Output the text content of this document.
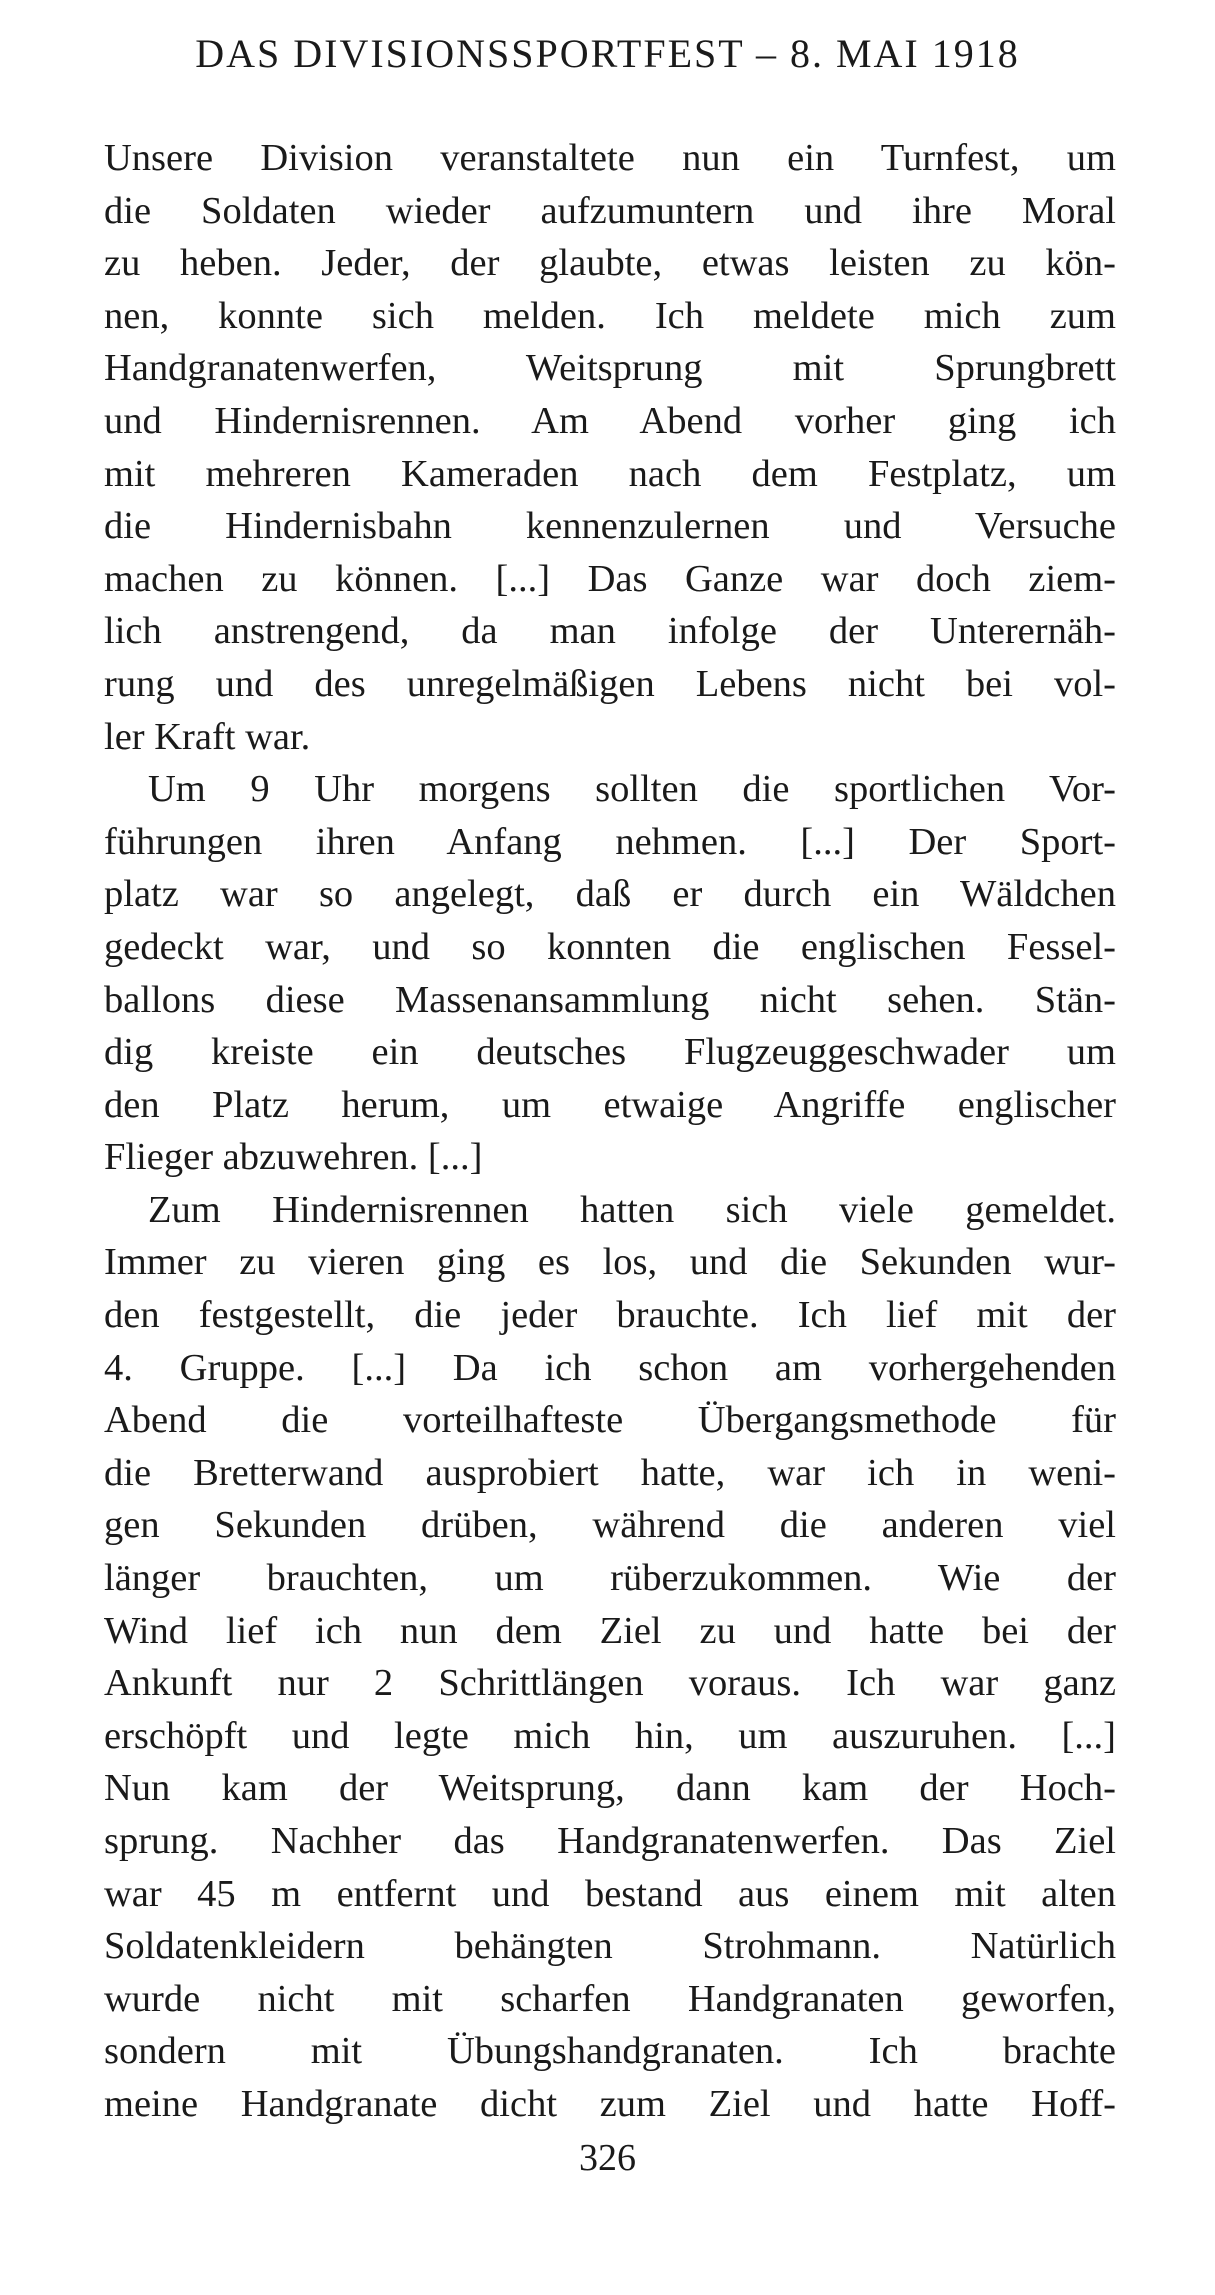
DAS DIVISIONSSPORTFEST – 8. MAI 1918
Unsere Division veranstaltete nun ein Turnfest, um
die Soldaten wieder aufzumuntern und ihre Moral
zu heben. Jeder, der glaubte, etwas leisten zu kön-
nen, konnte sich melden. Ich meldete mich zum
Handgranatenwerfen, Weitsprung mit Sprungbrett
und Hindernisrennen. Am Abend vorher ging ich
mit mehreren Kameraden nach dem Festplatz, um
die Hindernisbahn kennenzulernen und Versuche
machen zu können. [...] Das Ganze war doch ziem-
lich anstrengend, da man infolge der Unterernäh-
rung und des unregelmäßigen Lebens nicht bei vol-
ler Kraft war.
Um 9 Uhr morgens sollten die sportlichen Vor-
führungen ihren Anfang nehmen. [...] Der Sport-
platz war so angelegt, daß er durch ein Wäldchen
gedeckt war, und so konnten die englischen Fessel-
ballons diese Massenansammlung nicht sehen. Stän-
dig kreiste ein deutsches Flugzeuggeschwader um
den Platz herum, um etwaige Angriffe englischer
Flieger abzuwehren. [...]
Zum Hindernisrennen hatten sich viele gemeldet.
Immer zu vieren ging es los, und die Sekunden wur-
den festgestellt, die jeder brauchte. Ich lief mit der
4. Gruppe. [...] Da ich schon am vorhergehenden
Abend die vorteilhafteste Übergangsmethode für
die Bretterwand ausprobiert hatte, war ich in weni-
gen Sekunden drüben, während die anderen viel
länger brauchten, um rüberzukommen. Wie der
Wind lief ich nun dem Ziel zu und hatte bei der
Ankunft nur 2 Schrittlängen voraus. Ich war ganz
erschöpft und legte mich hin, um auszuruhen. [...]
Nun kam der Weitsprung, dann kam der Hoch-
sprung. Nachher das Handgranatenwerfen. Das Ziel
war 45 m entfernt und bestand aus einem mit alten
Soldatenkleidern behängten Strohmann. Natürlich
wurde nicht mit scharfen Handgranaten geworfen,
sondern mit Übungshandgranaten. Ich brachte
meine Handgranate dicht zum Ziel und hatte Hoff-
326
